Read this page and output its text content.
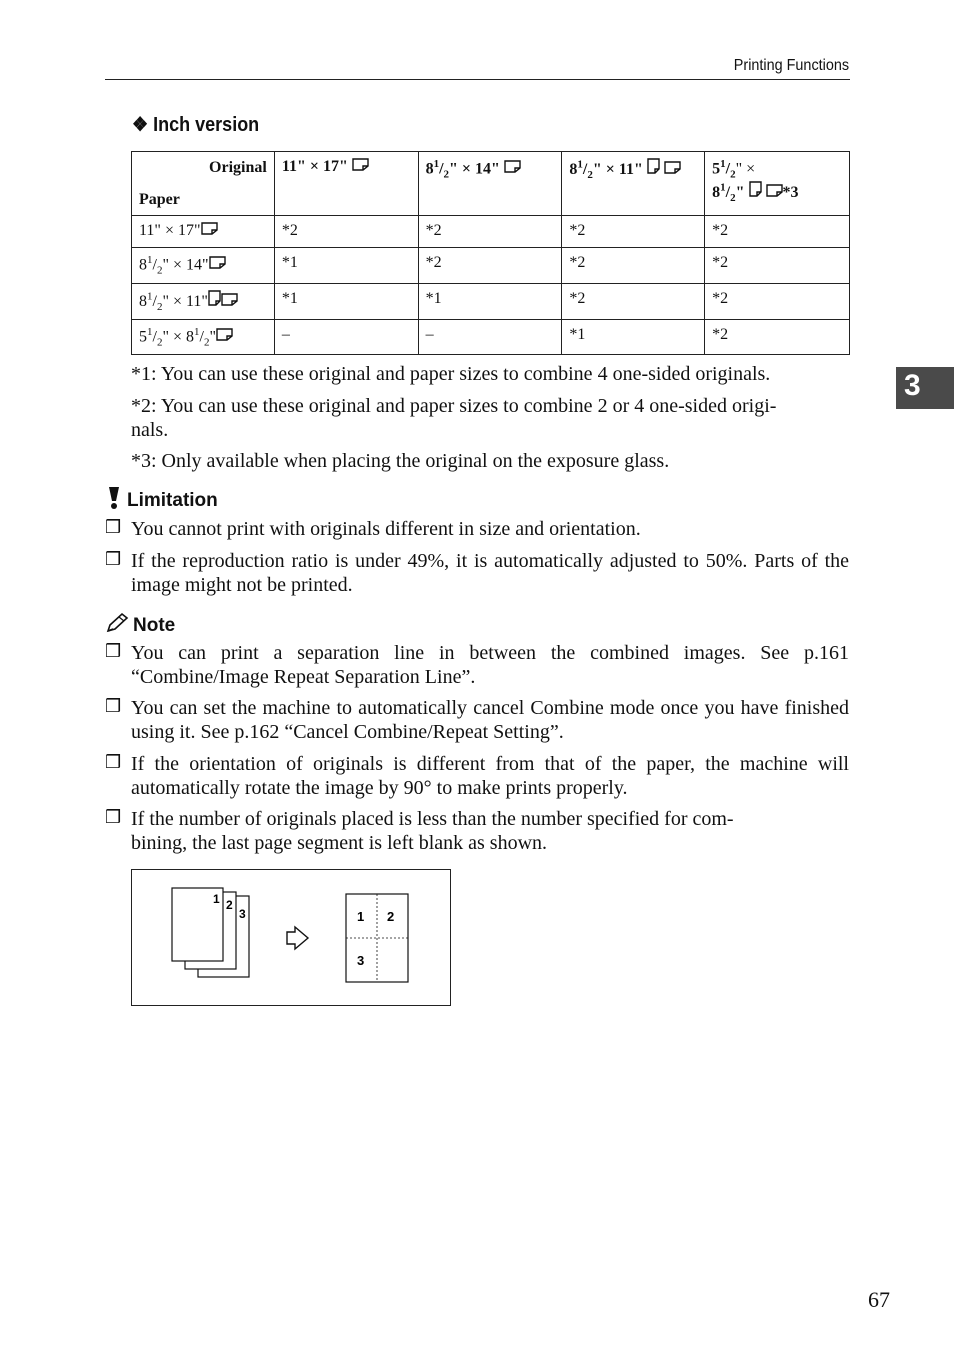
Printing Functions
❖ Inch version
Original
Paper	11" × 17"	$8^1/_2$" × 14"	$8^1/_2$" × 11"	$5^1/_2$" ×
$8^1/_2$" *3
11" × 17"	*2	*2	*2	*2
$8^1/_2$" × 14"	*1	*2	*2	*2
$8^1/_2$" × 11"	*1	*1	*2	*2
$5^1/_2$" × $8^1/_2$"	–	–	*1	*2
*1: You can use these original and paper sizes to combine 4 one-sided originals.
*2: You can use these original and paper sizes to combine 2 or 4 one-sided origi-
nals.
*3: Only available when placing the original on the exposure glass.
Limitation
❒ You cannot print with originals different in size and orientation.
❒ If the reproduction ratio is under 49%, it is automatically adjusted to 50%. Parts of the image might not be printed.
Note
❒ You can print a separation line in between the combined images. See p.161 “Combine/Image Repeat Separation Line”.
❒ You can set the machine to automatically cancel Combine mode once you have finished using it. See p.162 “Cancel Combine/Repeat Setting”.
❒ If the orientation of originals is different from that of the paper, the machine will automatically rotate the image by 90° to make prints properly.
❒ If the number of originals placed is less than the number specified for com-
bining, the last page segment is left blank as shown.
1 2
3	1 2
3
3
67
